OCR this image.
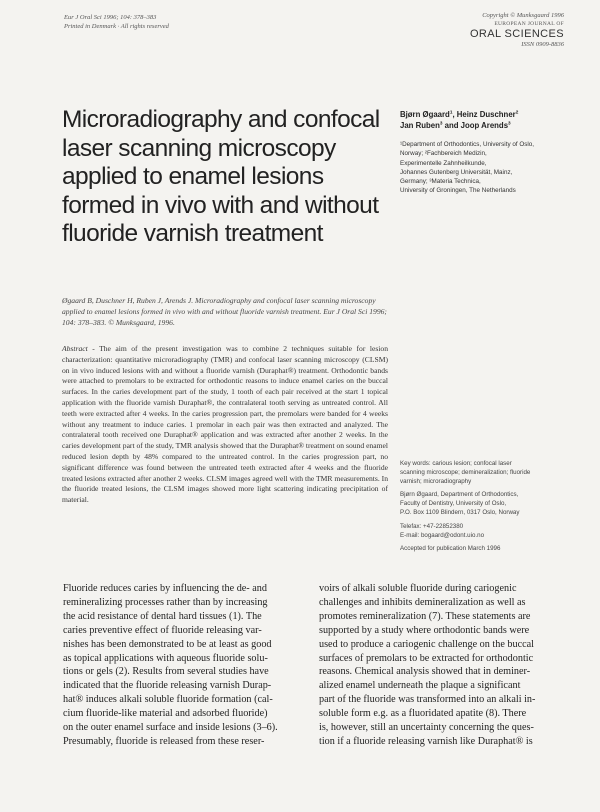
Eur J Oral Sci 1996; 104: 378–383
Printed in Denmark · All rights reserved
Copyright © Munksgaard 1996
EUROPEAN JOURNAL OF
ORAL SCIENCES
ISSN 0909-8836
Microradiography and confocal
laser scanning microscopy
applied to enamel lesions
formed in vivo with and without
fluoride varnish treatment
Bjørn Øgaard$^1$, Heinz Duschner$^2$
Jan Ruben$^3$ and Joop Arends$^3$
¹Department of Orthodontics, University of Oslo,
Norway; ²Fachbereich Medizin,
Experimentelle Zahnheilkunde,
Johannes Gutenberg Universität, Mainz,
Germany; ³Materia Technica,
University of Groningen, The Netherlands
Øgaard B, Duschner H, Ruben J, Arends J. Microradiography and confocal laser scanning microscopy applied to enamel lesions formed in vivo with and without fluoride varnish treatment. Eur J Oral Sci 1996; 104: 378–383. © Munksgaard, 1996.
Abstract - The aim of the present investigation was to combine 2 techniques suitable for lesion characterization: quantitative microradiography (TMR) and confocal laser scanning microscopy (CLSM) on in vivo induced lesions with and without a fluoride varnish (Duraphat®) treatment. Orthodontic bands were attached to premolars to be extracted for orthodontic reasons to induce enamel caries on the buccal surfaces. In the caries development part of the study, 1 tooth of each pair received at the start 1 topical application with the fluoride varnish Duraphat®, the contralateral tooth serving as untreated control. All teeth were extracted after 4 weeks. In the caries progression part, the premolars were banded for 4 weeks without any treatment to induce caries. 1 premolar in each pair was then extracted and analyzed. The contralateral tooth received one Duraphat® application and was extracted after another 2 weeks. In the caries development part of the study, TMR analysis showed that the Duraphat® treatment on sound enamel reduced lesion depth by 48% compared to the untreated control. In the caries progression part, no significant difference was found between the untreated teeth extracted after 4 weeks and the fluoride treated lesions extracted after another 2 weeks. CLSM images agreed well with the TMR measurements. In the fluoride treated lesions, the CLSM images showed more light scattering indicating precipitation of material.
Key words: carious lesion; confocal laser
scanning microscope; demineralization; fluoride
varnish; microradiography
Bjørn Øgaard, Department of Orthodontics,
Faculty of Dentistry, University of Oslo,
P.O. Box 1109 Blindern, 0317 Oslo, Norway
Telefax: +47-22852380
E-mail: bogaard@odont.uio.no
Accepted for publication March 1996
Fluoride reduces caries by influencing the de- and
remineralizing processes rather than by increasing
the acid resistance of dental hard tissues (1). The
caries preventive effect of fluoride releasing var-
nishes has been demonstrated to be at least as good
as topical applications with aqueous fluoride solu-
tions or gels (2). Results from several studies have
indicated that the fluoride releasing varnish Durap-
hat® induces alkali soluble fluoride formation (cal-
cium fluoride-like material and adsorbed fluoride)
on the outer enamel surface and inside lesions (3–6).
Presumably, fluoride is released from these reser-
voirs of alkali soluble fluoride during cariogenic
challenges and inhibits demineralization as well as
promotes remineralization (7). These statements are
supported by a study where orthodontic bands were
used to produce a cariogenic challenge on the buccal
surfaces of premolars to be extracted for orthodontic
reasons. Chemical analysis showed that in deminer-
alized enamel underneath the plaque a significant
part of the fluoride was transformed into an alkali in-
soluble form e.g. as a fluoridated apatite (8). There
is, however, still an uncertainty concerning the ques-
tion if a fluoride releasing varnish like Duraphat® is
